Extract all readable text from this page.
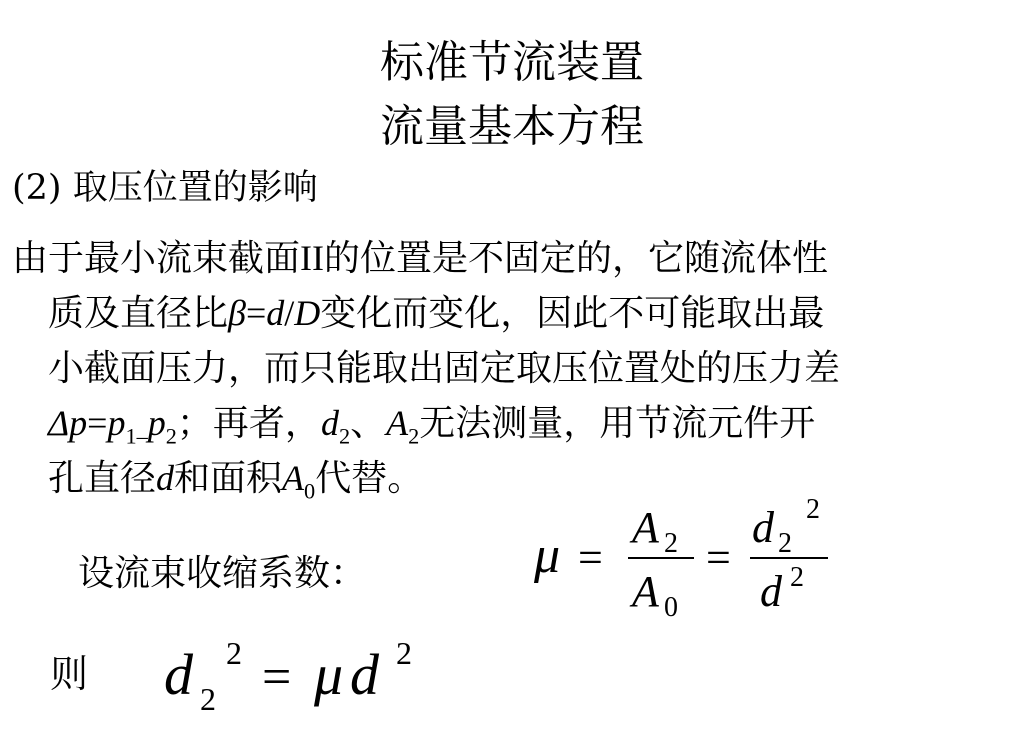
标准节流装置
流量基本方程
(2) 取压位置的影响
由于最小流束截面II的位置是不固定的，它随流体性
质及直径比β=d/D变化而变化，因此不可能取出最
小截面压力，而只能取出固定取压位置处的压力差
$\Delta p=p_{1-}p_2$；再者，$d_2$、$A_2$无法测量，用节流元件开
孔直径d和面积$A_0$代替。
设流束收缩系数：	μ =
A 2
A 0
=
d 2
2
d 2
则 d 2
2 = μ d 2
